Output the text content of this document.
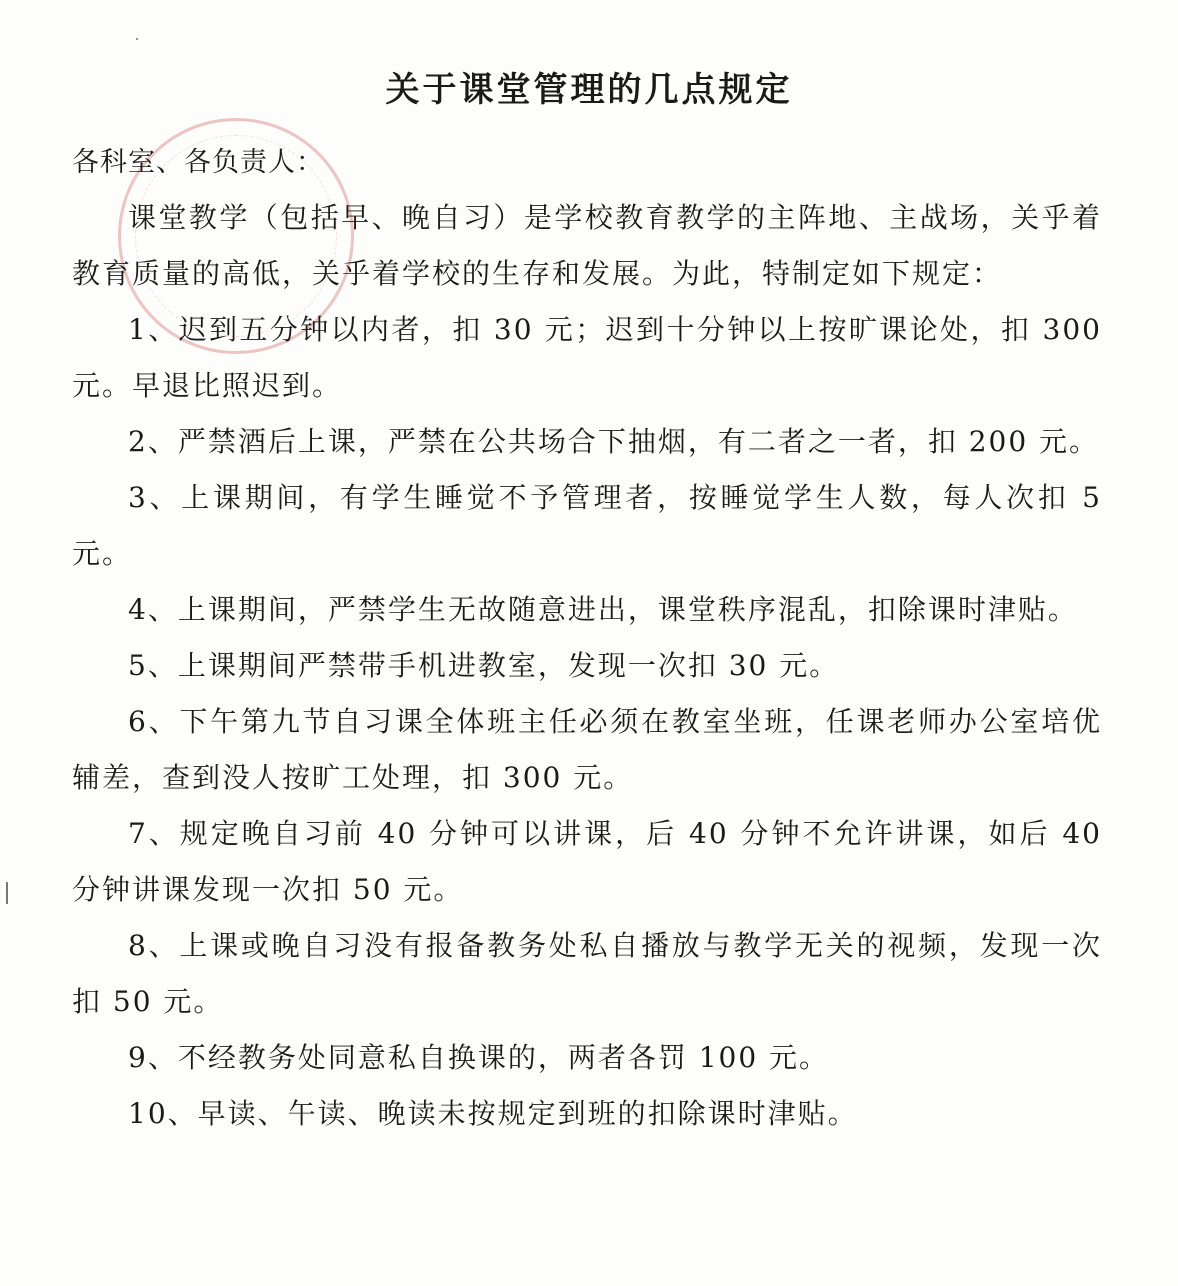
关于课堂管理的几点规定
各科室、各负责人：

课堂教学（包括早、晚自习）是学校教育教学的主阵地、主战场，关乎着教育质量的高低，关乎着学校的生存和发展。为此，特制定如下规定：

1、迟到五分钟以内者，扣 30 元；迟到十分钟以上按旷课论处，扣 300 元。早退比照迟到。

2、严禁酒后上课，严禁在公共场合下抽烟，有二者之一者，扣 200 元。

3、上课期间，有学生睡觉不予管理者，按睡觉学生人数，每人次扣 5 元。

4、上课期间，严禁学生无故随意进出，课堂秩序混乱，扣除课时津贴。

5、上课期间严禁带手机进教室，发现一次扣 30 元。

6、下午第九节自习课全体班主任必须在教室坐班，任课老师办公室培优辅差，查到没人按旷工处理，扣 300 元。

7、规定晚自习前 40 分钟可以讲课，后 40 分钟不允许讲课，如后 40 分钟讲课发现一次扣 50 元。

8、上课或晚自习没有报备教务处私自播放与教学无关的视频，发现一次扣 50 元。

9、不经教务处同意私自换课的，两者各罚 100 元。

10、早读、午读、晚读未按规定到班的扣除课时津贴。
